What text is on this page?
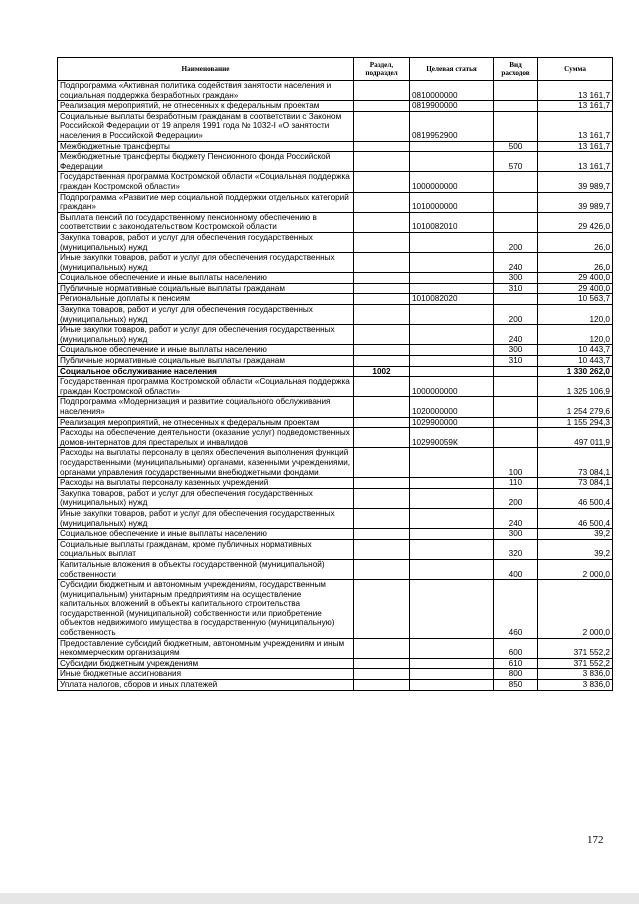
Наименование	Раздел, подраздел	Целевая статья	Вид расходов	Сумма
Подпрограмма «Активная политика содействия занятости населения и социальная поддержка безработных граждан»		0810000000		13 161,7
Реализация мероприятий, не отнесенных к федеральным проектам		0819900000		13 161,7
Социальные выплаты безработным гражданам в соответствии с Законом Российской Федерации от 19 апреля 1991 года № 1032-I «О занятости населения в Российской Федерации»		0819952900		13 161,7
Межбюджетные трансферты			500	13 161,7
Межбюджетные трансферты бюджету Пенсионного фонда Российской Федерации			570	13 161,7
Государственная программа Костромской области «Социальная поддержка граждан Костромской области»		1000000000		39 989,7
Подпрограмма «Развитие мер социальной поддержки отдельных категорий граждан»		1010000000		39 989,7
Выплата пенсий по государственному пенсионному обеспечению в соответствии с законодательством Костромской области		1010082010		29 426,0
Закупка товаров, работ и услуг для обеспечения государственных (муниципальных) нужд			200	26,0
Иные закупки товаров, работ и услуг для обеспечения государственных (муниципальных) нужд			240	26,0
Социальное обеспечение и иные выплаты населению			300	29 400,0
Публичные нормативные социальные выплаты гражданам			310	29 400,0
Региональные доплаты к пенсиям		1010082020		10 563,7
Закупка товаров, работ и услуг для обеспечения государственных (муниципальных) нужд			200	120,0
Иные закупки товаров, работ и услуг для обеспечения государственных (муниципальных) нужд			240	120,0
Социальное обеспечение и иные выплаты населению			300	10 443,7
Публичные нормативные социальные выплаты гражданам			310	10 443,7
Социальное обслуживание населения	1002			1 330 262,0
Государственная программа Костромской области «Социальная поддержка граждан Костромской области»		1000000000		1 325 106,9
Подпрограмма «Модернизация и развитие социального обслуживания населения»		1020000000		1 254 279,6
Реализация мероприятий, не отнесенных к федеральным проектам		1029900000		1 155 294,3
Расходы на обеспечение деятельности (оказание услуг) подведомственных домов-интернатов для престарелых и инвалидов		102990059К		497 011,9
Расходы на выплаты персоналу в целях обеспечения выполнения функций государственными (муниципальными) органами, казенными учреждениями, органами управления государственными внебюджетными фондами			100	73 084,1
Расходы на выплаты персоналу казенных учреждений			110	73 084,1
Закупка товаров, работ и услуг для обеспечения государственных (муниципальных) нужд			200	46 500,4
Иные закупки товаров, работ и услуг для обеспечения государственных (муниципальных) нужд			240	46 500,4
Социальное обеспечение и иные выплаты населению			300	39,2
Социальные выплаты гражданам, кроме публичных нормативных социальных выплат			320	39,2
Капитальные вложения в объекты государственной (муниципальной) собственности			400	2 000,0
Субсидии бюджетным и автономным учреждениям, государственным (муниципальным) унитарным предприятиям на осуществление капитальных вложений в объекты капитального строительства государственной (муниципальной) собственности или приобретение объектов недвижимого имущества в государственную (муниципальную) собственность			460	2 000,0
Предоставление субсидий бюджетным, автономным учреждениям и иным некоммерческим организациям			600	371 552,2
Субсидии бюджетным учреждениям			610	371 552,2
Иные бюджетные ассигнования			800	3 836,0
Уплата налогов, сборов и иных платежей			850	3 836,0
172
